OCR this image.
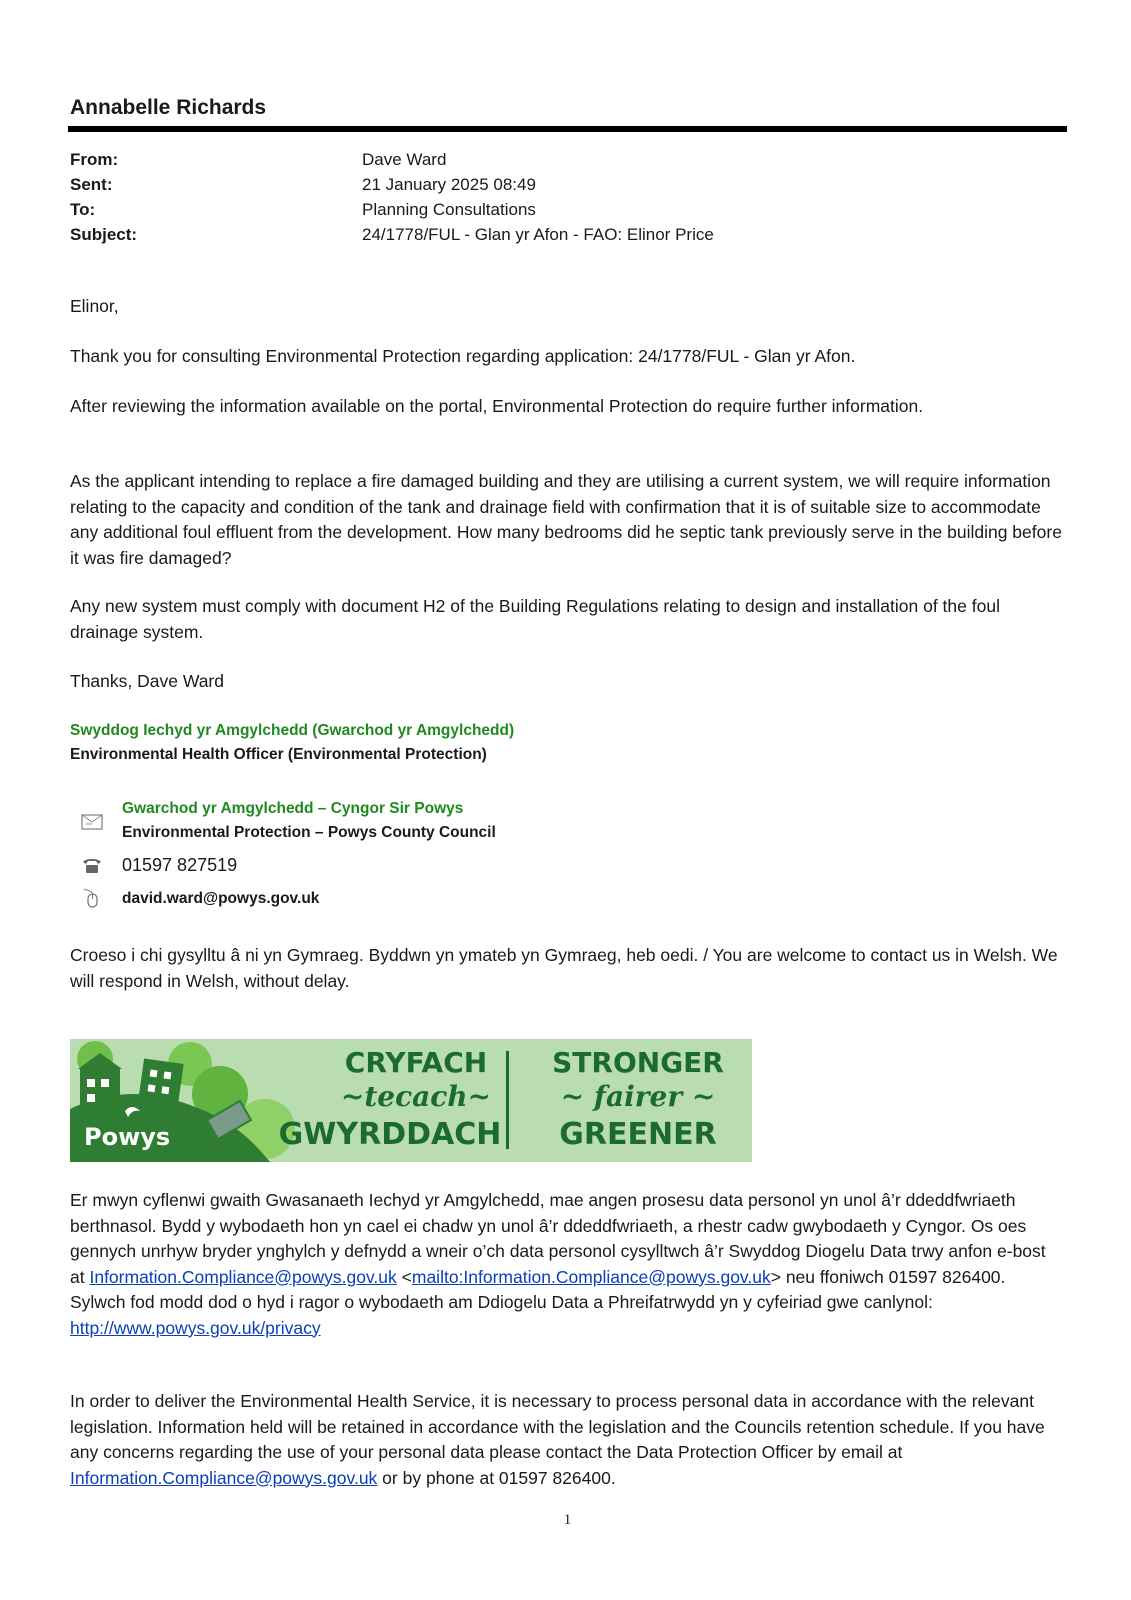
Annabelle Richards
From:	Dave Ward
Sent:	21 January 2025 08:49
To:	Planning Consultations
Subject:	24/1778/FUL - Glan yr Afon - FAO: Elinor Price
Elinor,
Thank you for consulting Environmental Protection regarding application: 24/1778/FUL - Glan yr Afon.
After reviewing the information available on the portal, Environmental Protection do require further information.
As the applicant intending to replace a fire damaged building and they are utilising a current system, we will require information relating to the capacity and condition of the tank and drainage field with confirmation that it is of suitable size to accommodate any additional foul effluent from the development. How many bedrooms did he septic tank previously serve in the building before it was fire damaged?
Any new system must comply with document H2 of the Building Regulations relating to design and installation of the foul drainage system.
Thanks, Dave Ward
Swyddog Iechyd yr Amgylchedd (Gwarchod yr Amgylchedd)
Environmental Health Officer (Environmental Protection)
Gwarchod yr Amgylchedd – Cyngor Sir Powys
Environmental Protection – Powys County Council
01597 827519
david.ward@powys.gov.uk
Croeso i chi gysylltu â ni yn Gymraeg. Byddwn yn ymateb yn Gymraeg, heb oedi. / You are welcome to contact us in Welsh. We will respond in Welsh, without delay.
Powys
CRYFACH
~tecach~
GWYRDDACH
STRONGER
~ fairer ~
GREENER
Er mwyn cyflenwi gwaith Gwasanaeth Iechyd yr Amgylchedd, mae angen prosesu data personol yn unol â’r ddeddfwriaeth berthnasol. Bydd y wybodaeth hon yn cael ei chadw yn unol â’r ddeddfwriaeth, a rhestr cadw gwybodaeth y Cyngor. Os oes gennych unrhyw bryder ynghylch y defnydd a wneir o’ch data personol cysylltwch â’r Swyddog Diogelu Data trwy anfon e-bost at Information.Compliance@powys.gov.uk <mailto:Information.Compliance@powys.gov.uk> neu ffoniwch 01597 826400. Sylwch fod modd dod o hyd i ragor o wybodaeth am Ddiogelu Data a Phreifatrwydd yn y cyfeiriad gwe canlynol: http://www.powys.gov.uk/privacy
In order to deliver the Environmental Health Service, it is necessary to process personal data in accordance with the relevant legislation. Information held will be retained in accordance with the legislation and the Councils retention schedule. If you have any concerns regarding the use of your personal data please contact the Data Protection Officer by email at Information.Compliance@powys.gov.uk or by phone at 01597 826400.
1
